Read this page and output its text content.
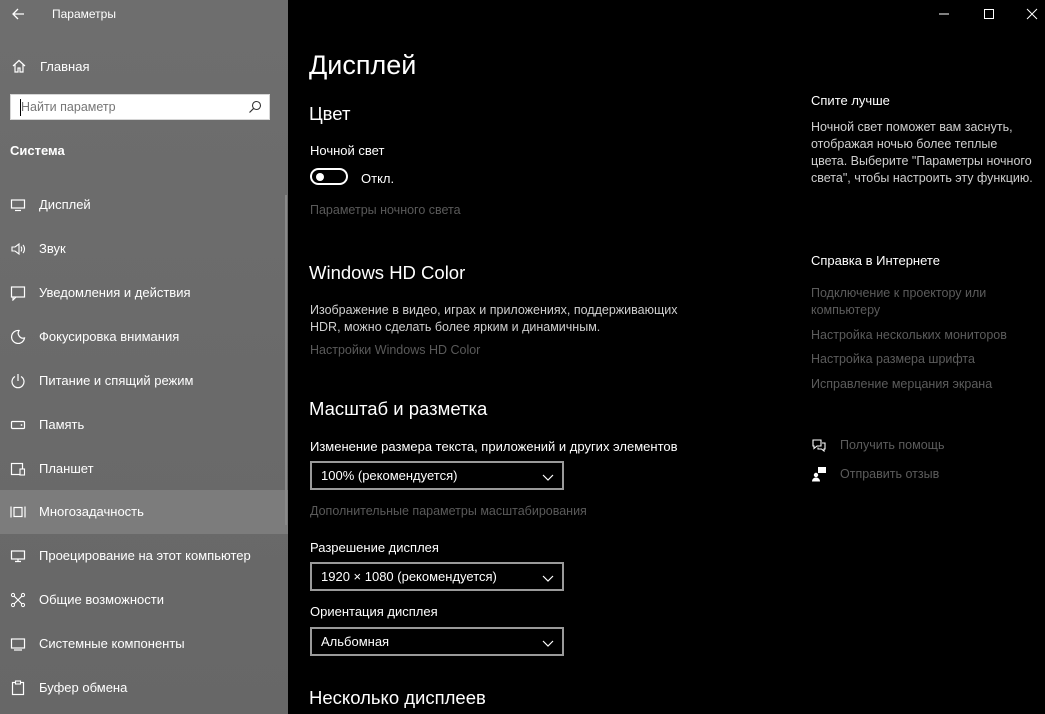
Параметры
Главная
Найти параметр
Система
Дисплей
Звук
Уведомления и действия
Фокусировка внимания
Питание и спящий режим
Память
Планшет
Многозадачность
Проецирование на этот компьютер
Общие возможности
Системные компоненты
Буфер обмена
Дисплей
Цвет
Ночной свет
Откл.
Параметры ночного света
Windows HD Color
Изображение в видео, играх и приложениях, поддерживающих HDR, можно сделать более ярким и динамичным.
Настройки Windows HD Color
Масштаб и разметка
Изменение размера текста, приложений и других элементов
100% (рекомендуется)
Дополнительные параметры масштабирования
Разрешение дисплея
1920 × 1080 (рекомендуется)
Ориентация дисплея
Альбомная
Несколько дисплеев
Спите лучше
Ночной свет поможет вам заснуть, отображая ночью более теплые цвета. Выберите "Параметры ночного света", чтобы настроить эту функцию.
Справка в Интернете
Подключение к проектору или компьютеру
Настройка нескольких мониторов
Настройка размера шрифта
Исправление мерцания экрана
Получить помощь
Отправить отзыв
